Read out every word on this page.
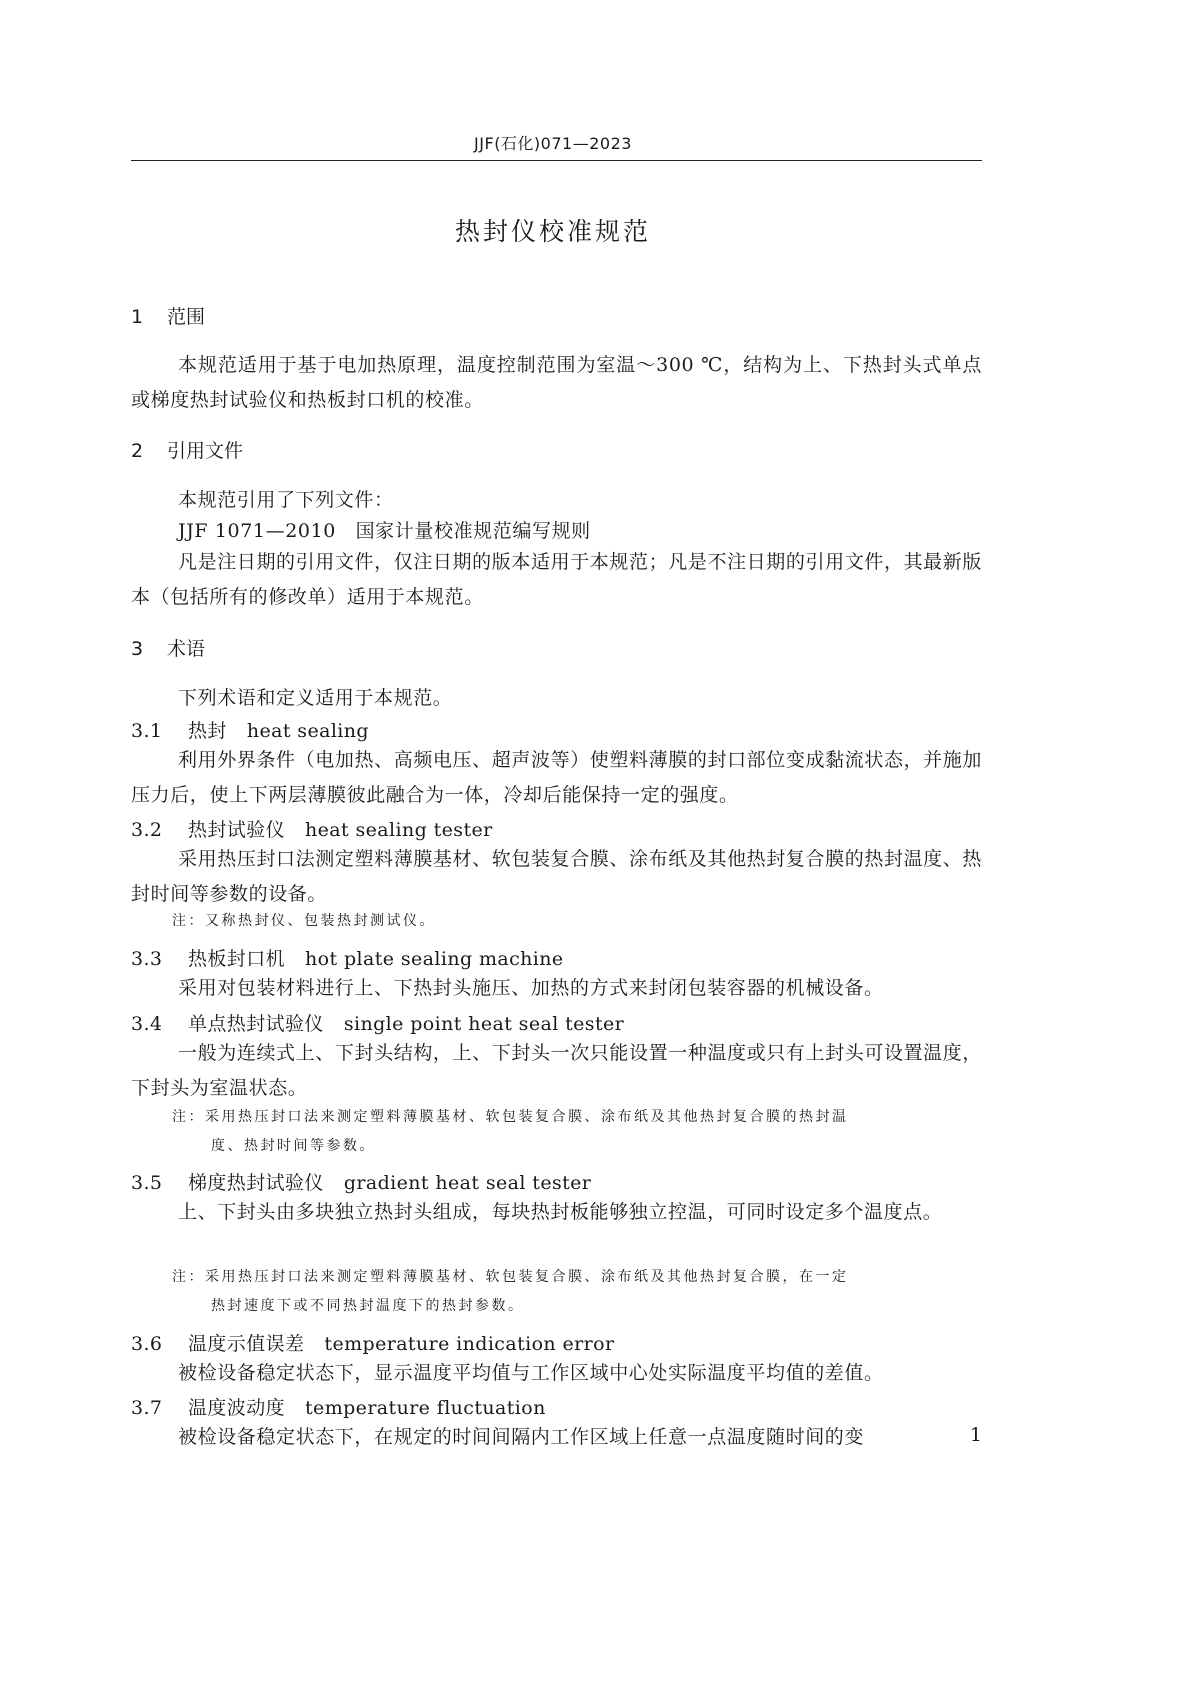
JJF(石化)071—2023
热封仪校准规范
1 范围
本规范适用于基于电加热原理，温度控制范围为室温～300 ℃，结构为上、下热封头式单点或梯度热封试验仪和热板封口机的校准。
2 引用文件
本规范引用了下列文件：
JJF 1071—2010　国家计量校准规范编写规则
凡是注日期的引用文件，仅注日期的版本适用于本规范；凡是不注日期的引用文件，其最新版本（包括所有的修改单）适用于本规范。
3 术语
下列术语和定义适用于本规范。
3.1 热封 heat sealing
利用外界条件（电加热、高频电压、超声波等）使塑料薄膜的封口部位变成黏流状态，并施加压力后，使上下两层薄膜彼此融合为一体，冷却后能保持一定的强度。
3.2 热封试验仪 heat sealing tester
采用热压封口法测定塑料薄膜基材、软包装复合膜、涂布纸及其他热封复合膜的热封温度、热封时间等参数的设备。
注：又称热封仪、包装热封测试仪。
3.3 热板封口机 hot plate sealing machine
采用对包装材料进行上、下热封头施压、加热的方式来封闭包装容器的机械设备。
3.4 单点热封试验仪 single point heat seal tester
一般为连续式上、下封头结构，上、下封头一次只能设置一种温度或只有上封头可设置温度，下封头为室温状态。
注：采用热压封口法来测定塑料薄膜基材、软包装复合膜、涂布纸及其他热封复合膜的热封温
度、热封时间等参数。
3.5 梯度热封试验仪 gradient heat seal tester
上、下封头由多块独立热封头组成，每块热封板能够独立控温，可同时设定多个温度点。
注：采用热压封口法来测定塑料薄膜基材、软包装复合膜、涂布纸及其他热封复合膜，在一定
热封速度下或不同热封温度下的热封参数。
3.6 温度示值误差 temperature indication error
被检设备稳定状态下，显示温度平均值与工作区域中心处实际温度平均值的差值。
3.7 温度波动度 temperature fluctuation
被检设备稳定状态下，在规定的时间间隔内工作区域上任意一点温度随时间的变	1
